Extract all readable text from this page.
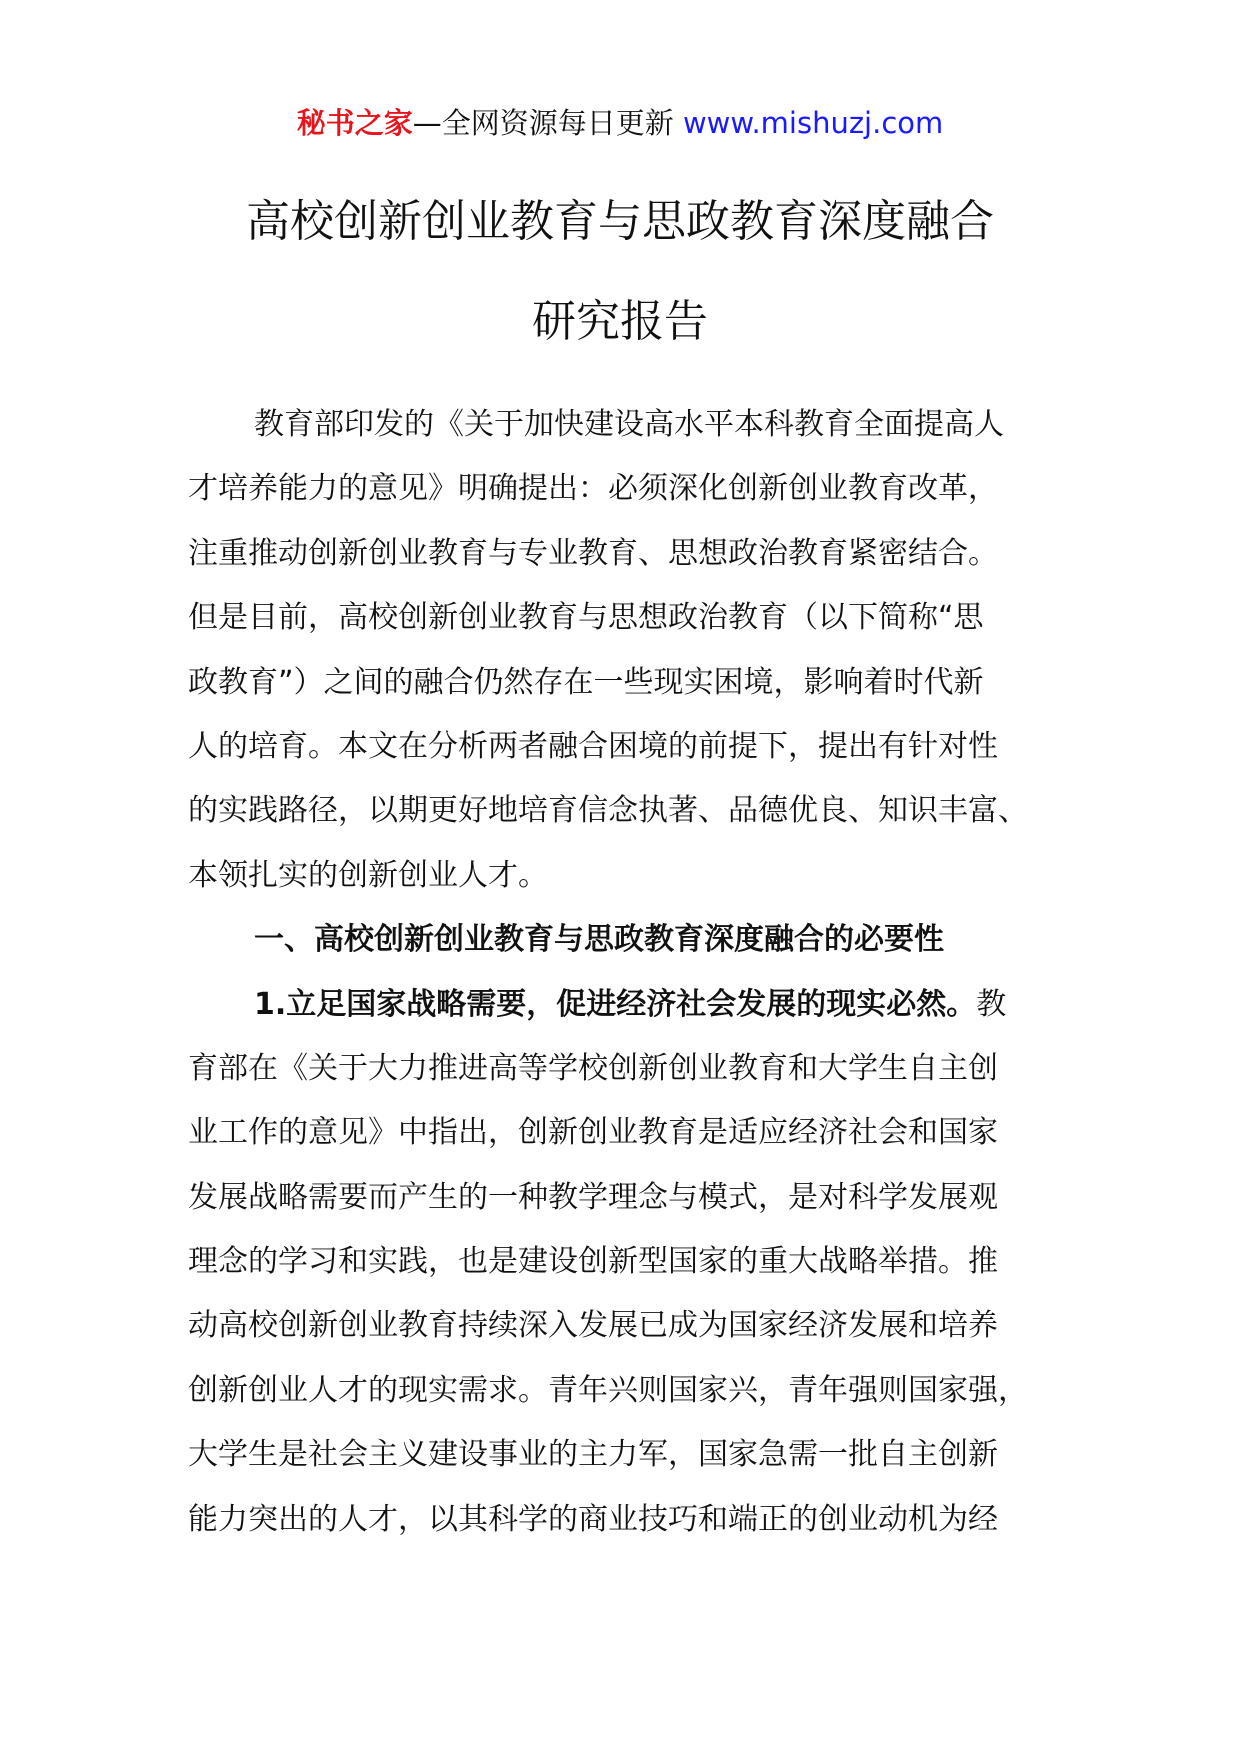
秘书之家—全网资源每日更新 www.mishuzj.com
高校创新创业教育与思政教育深度融合
研究报告
教育部印发的《关于加快建设高水平本科教育全面提高人
才培养能力的意见》明确提出：必须深化创新创业教育改革，
注重推动创新创业教育与专业教育、思想政治教育紧密结合。
但是目前，高校创新创业教育与思想政治教育（以下简称“思
政教育”）之间的融合仍然存在一些现实困境，影响着时代新
人的培育。本文在分析两者融合困境的前提下，提出有针对性
的实践路径，以期更好地培育信念执著、品德优良、知识丰富、
本领扎实的创新创业人才。
一、高校创新创业教育与思政教育深度融合的必要性
1.立足国家战略需要，促进经济社会发展的现实必然。教
育部在《关于大力推进高等学校创新创业教育和大学生自主创
业工作的意见》中指出，创新创业教育是适应经济社会和国家
发展战略需要而产生的一种教学理念与模式，是对科学发展观
理念的学习和实践，也是建设创新型国家的重大战略举措。推
动高校创新创业教育持续深入发展已成为国家经济发展和培养
创新创业人才的现实需求。青年兴则国家兴，青年强则国家强，
大学生是社会主义建设事业的主力军，国家急需一批自主创新
能力突出的人才，以其科学的商业技巧和端正的创业动机为经
